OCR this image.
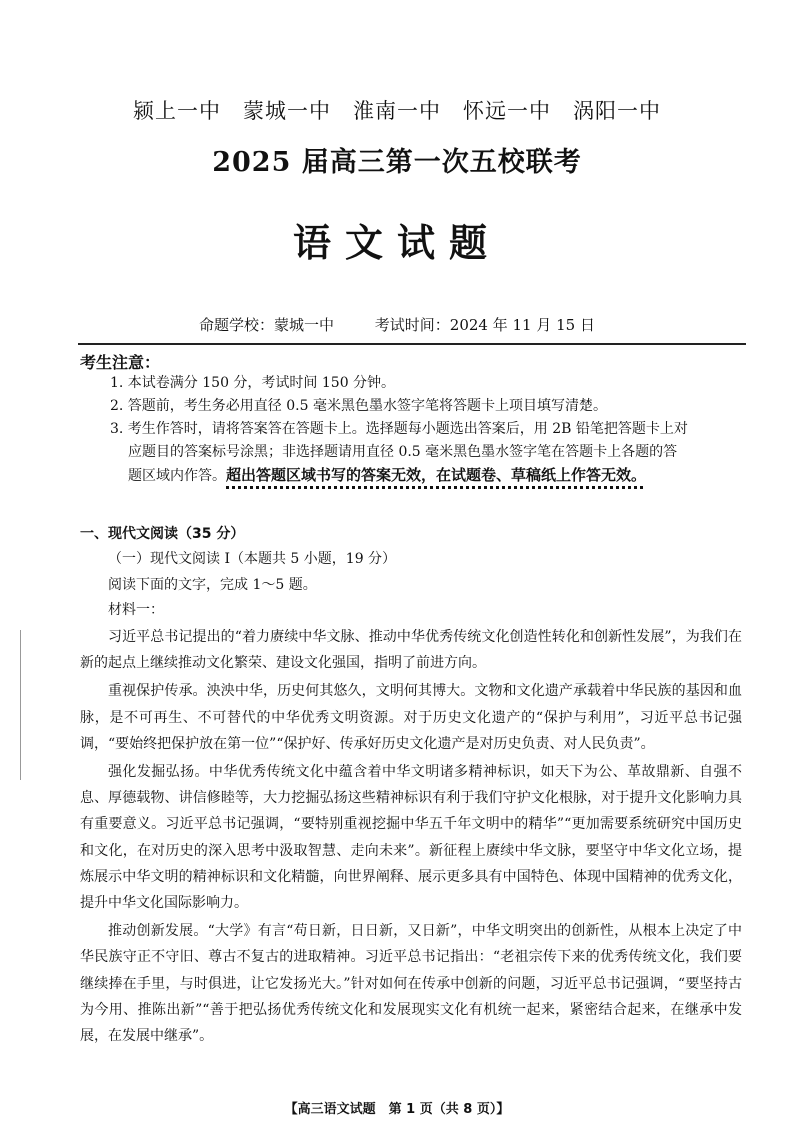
颍上一中　蒙城一中　淮南一中　怀远一中　涡阳一中
2025 届高三第一次五校联考
语文试题
命题学校：蒙城一中	考试时间：2024 年 11 月 15 日
考生注意：

1. 本试卷满分 150 分，考试时间 150 分钟。

2. 答题前，考生务必用直径 0.5 毫米黑色墨水签字笔将答题卡上项目填写清楚。

3. 考生作答时，请将答案答在答题卡上。选择题每小题选出答案后，用 2B 铅笔把答题卡上对

应题目的答案标号涂黑；非选择题请用直径 0.5 毫米黑色墨水签字笔在答题卡上各题的答

题区域内作答。超出答题区域书写的答案无效，在试题卷、草稿纸上作答无效。

一、现代文阅读（35 分）
（一）现代文阅读 Ⅰ（本题共 5 小题，19 分）
阅读下面的文字，完成 1～5 题。
材料一：

习近平总书记提出的“着力赓续中华文脉、推动中华优秀传统文化创造性转化和创新性发展”，为我们在新的起点上继续推动文化繁荣、建设文化强国，指明了前进方向。

重视保护传承。泱泱中华，历史何其悠久，文明何其博大。文物和文化遗产承载着中华民族的基因和血脉，是不可再生、不可替代的中华优秀文明资源。对于历史文化遗产的“保护与利用”，习近平总书记强调，“要始终把保护放在第一位”“保护好、传承好历史文化遗产是对历史负责、对人民负责”。

强化发掘弘扬。中华优秀传统文化中蕴含着中华文明诸多精神标识，如天下为公、革故鼎新、自强不息、厚德载物、讲信修睦等，大力挖掘弘扬这些精神标识有利于我们守护文化根脉，对于提升文化影响力具有重要意义。习近平总书记强调，“要特别重视挖掘中华五千年文明中的精华”“更加需要系统研究中国历史和文化，在对历史的深入思考中汲取智慧、走向未来”。新征程上赓续中华文脉，要坚守中华文化立场，提炼展示中华文明的精神标识和文化精髓，向世界阐释、展示更多具有中国特色、体现中国精神的优秀文化，提升中华文化国际影响力。

推动创新发展。“大学》有言“苟日新，日日新，又日新”，中华文明突出的创新性，从根本上决定了中华民族守正不守旧、尊古不复古的进取精神。习近平总书记指出：“老祖宗传下来的优秀传统文化，我们要继续捧在手里，与时俱进，让它发扬光大。”针对如何在传承中创新的问题，习近平总书记强调，“要坚持古为今用、推陈出新”“善于把弘扬优秀传统文化和发展现实文化有机统一起来，紧密结合起来，在继承中发展，在发展中继承”。

【高三语文试题　第 1 页（共 8 页）】
